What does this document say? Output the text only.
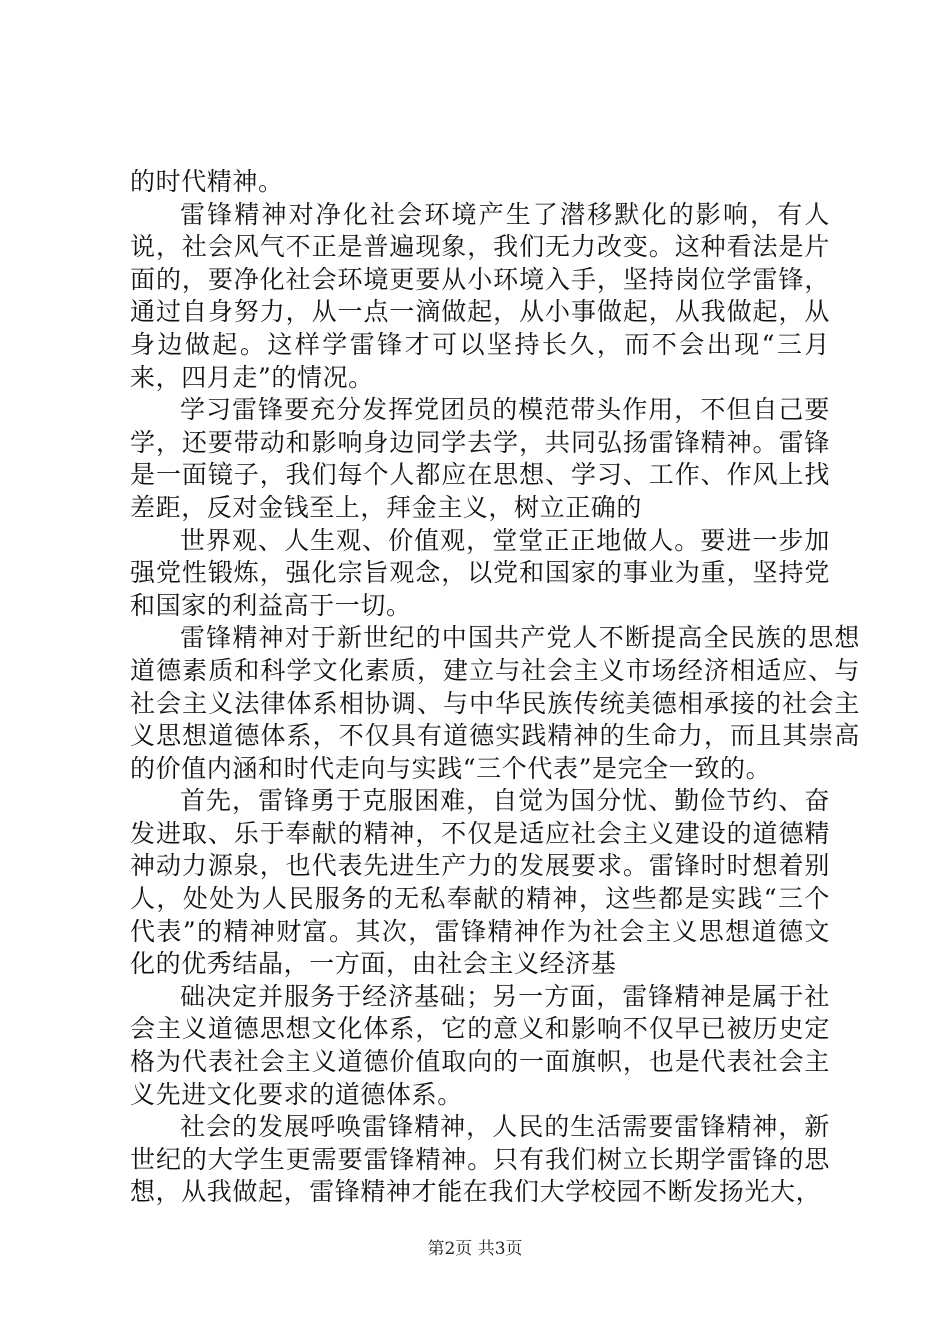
的时代精神。

雷锋精神对净化社会环境产生了潜移默化的影响，有人说，社会风气不正是普遍现象，我们无力改变。这种看法是片面的，要净化社会环境更要从小环境入手，坚持岗位学雷锋，通过自身努力，从一点一滴做起，从小事做起，从我做起，从身边做起。这样学雷锋才可以坚持长久，而不会出现“三月来，四月走”的情况。

学习雷锋要充分发挥党团员的模范带头作用，不但自己要学，还要带动和影响身边同学去学，共同弘扬雷锋精神。雷锋是一面镜子，我们每个人都应在思想、学习、工作、作风上找差距，反对金钱至上，拜金主义，树立正确的

世界观、人生观、价值观，堂堂正正地做人。要进一步加强党性锻炼，强化宗旨观念，以党和国家的事业为重，坚持党和国家的利益高于一切。

雷锋精神对于新世纪的中国共产党人不断提高全民族的思想道德素质和科学文化素质，建立与社会主义市场经济相适应、与社会主义法律体系相协调、与中华民族传统美德相承接的社会主义思想道德体系，不仅具有道德实践精神的生命力，而且其崇高的价值内涵和时代走向与实践“三个代表”是完全一致的。

首先，雷锋勇于克服困难，自觉为国分忧、勤俭节约、奋发进取、乐于奉献的精神，不仅是适应社会主义建设的道德精神动力源泉，也代表先进生产力的发展要求。雷锋时时想着别人，处处为人民服务的无私奉献的精神，这些都是实践“三个代表”的精神财富。其次，雷锋精神作为社会主义思想道德文化的优秀结晶，一方面，由社会主义经济基

础决定并服务于经济基础；另一方面，雷锋精神是属于社会主义道德思想文化体系，它的意义和影响不仅早已被历史定格为代表社会主义道德价值取向的一面旗帜，也是代表社会主义先进文化要求的道德体系。

社会的发展呼唤雷锋精神，人民的生活需要雷锋精神，新世纪的大学生更需要雷锋精神。只有我们树立长期学雷锋的思想，从我做起，雷锋精神才能在我们大学校园不断发扬光大，

第2页 共3页
